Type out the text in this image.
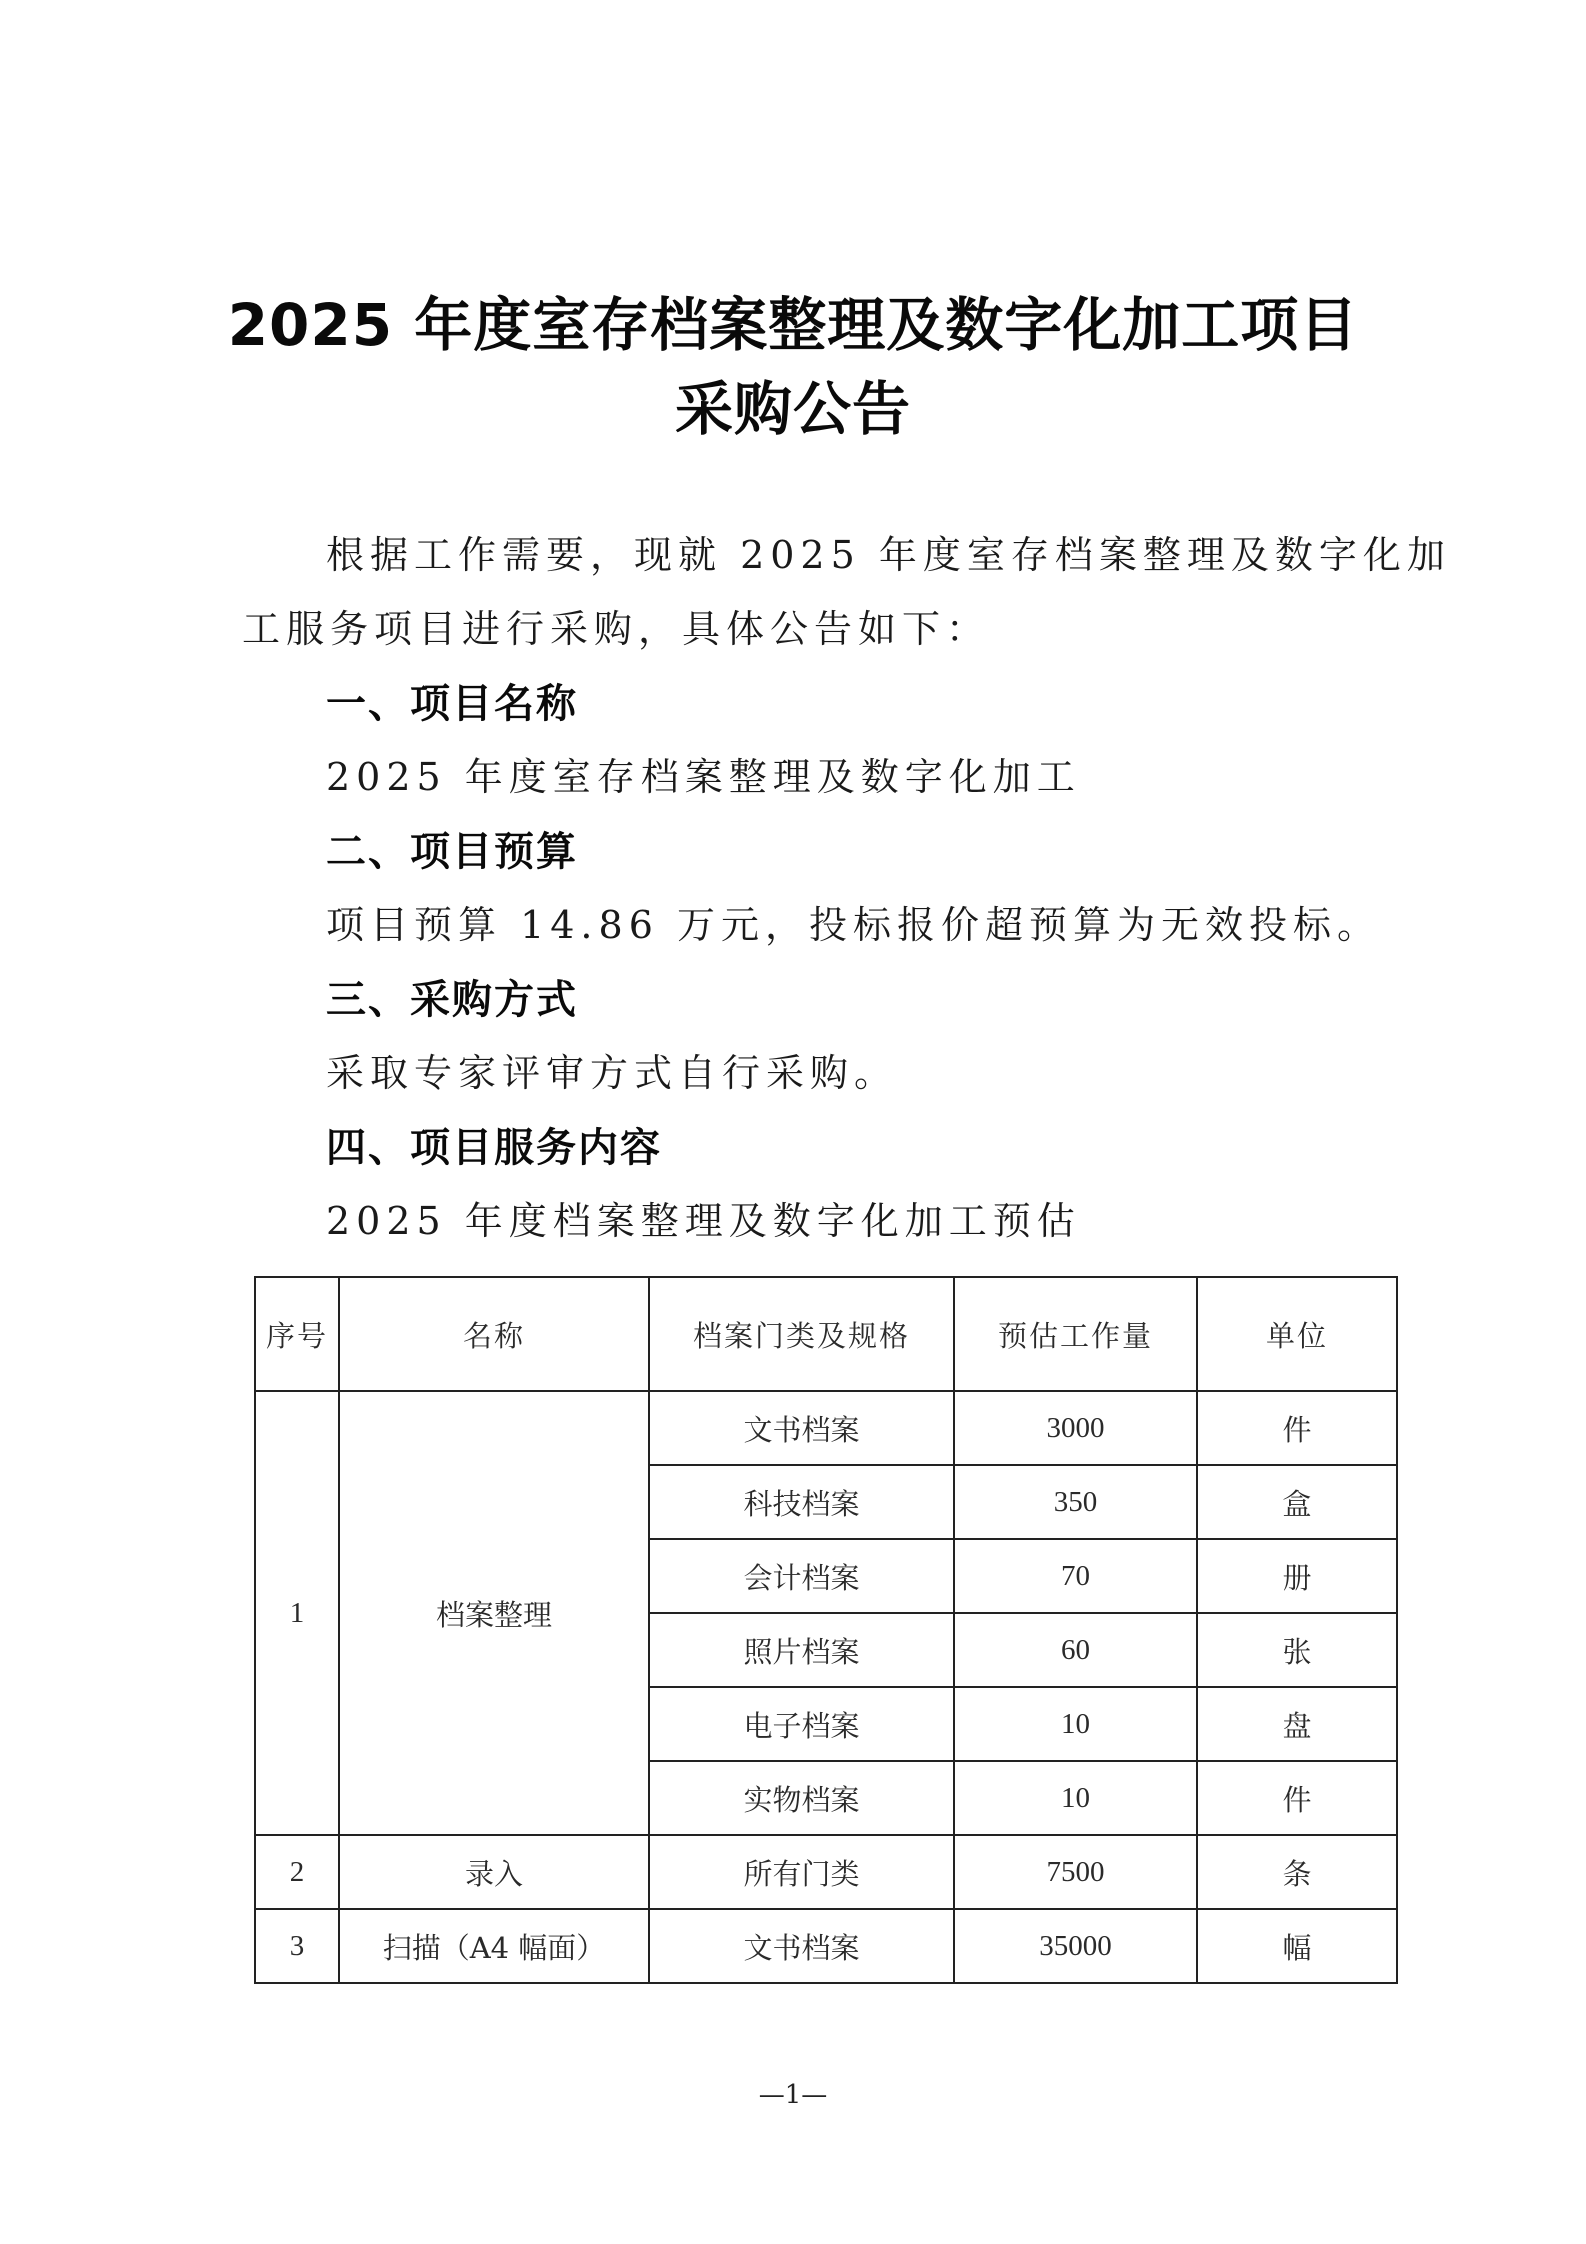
2025 年度室存档案整理及数字化加工项目
采购公告
根据工作需要，现就 2025 年度室存档案整理及数字化加
工服务项目进行采购，具体公告如下：
一、项目名称
2025 年度室存档案整理及数字化加工
二、项目预算
项目预算 14.86 万元，投标报价超预算为无效投标。
三、采购方式
采取专家评审方式自行采购。
四、项目服务内容
2025 年度档案整理及数字化加工预估
序号	名称	档案门类及规格	预估工作量	单位
1	档案整理	文书档案	3000	件
		科技档案	350	盒
		会计档案	70	册
		照片档案	60	张
		电子档案	10	盘
		实物档案	10	件
2	录入	所有门类	7500	条
3	扫描（A4 幅面）	文书档案	35000	幅
—1—
